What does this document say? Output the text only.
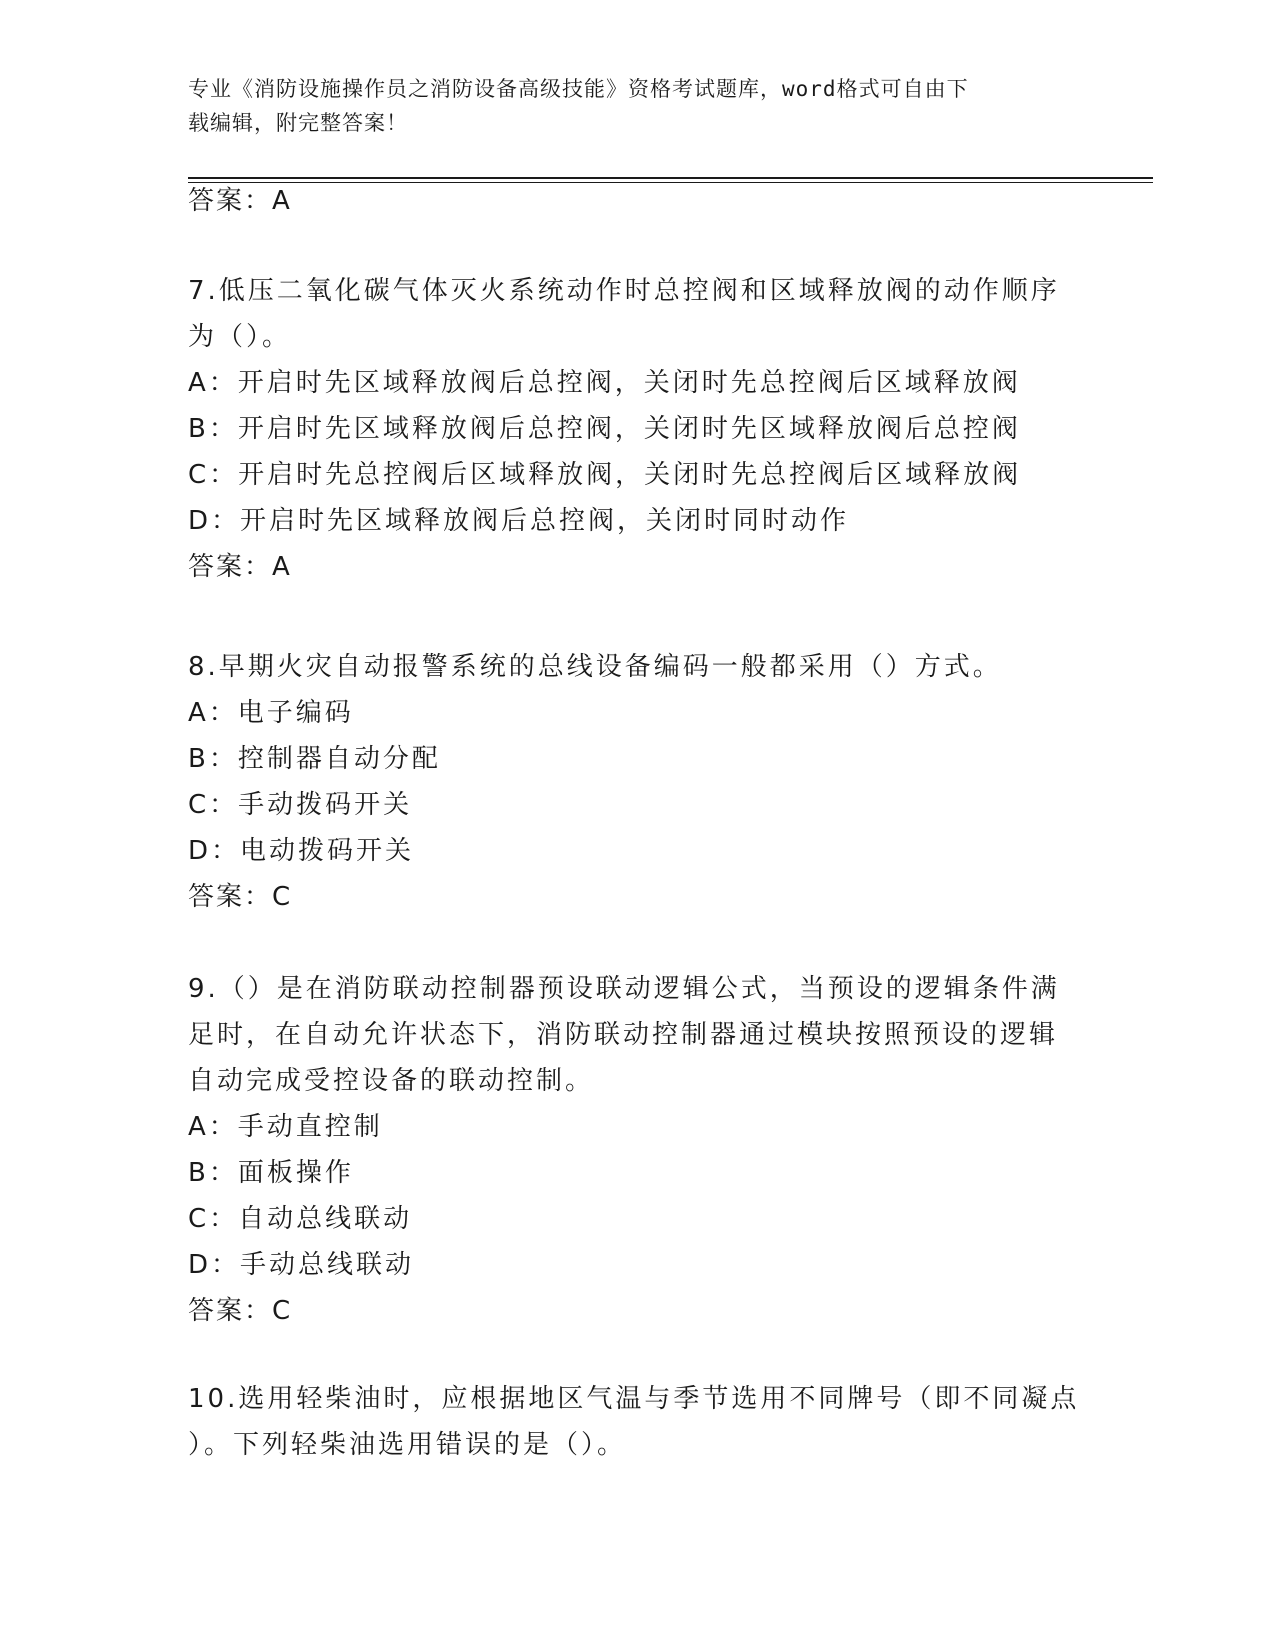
专业《消防设施操作员之消防设备高级技能》资格考试题库，word格式可自由下
载编辑，附完整答案！
答案：A
7.低压二氧化碳气体灭火系统动作时总控阀和区域释放阀的动作顺序
为（）。
A：开启时先区域释放阀后总控阀，关闭时先总控阀后区域释放阀
B：开启时先区域释放阀后总控阀，关闭时先区域释放阀后总控阀
C：开启时先总控阀后区域释放阀，关闭时先总控阀后区域释放阀
D：开启时先区域释放阀后总控阀，关闭时同时动作
答案：A
8.早期火灾自动报警系统的总线设备编码一般都采用（）方式。
A：电子编码
B：控制器自动分配
C：手动拨码开关
D：电动拨码开关
答案：C
9.（）是在消防联动控制器预设联动逻辑公式，当预设的逻辑条件满
足时，在自动允许状态下，消防联动控制器通过模块按照预设的逻辑
自动完成受控设备的联动控制。
A：手动直控制
B：面板操作
C：自动总线联动
D：手动总线联动
答案：C
10.选用轻柴油时，应根据地区气温与季节选用不同牌号（即不同凝点
）。下列轻柴油选用错误的是（）。
